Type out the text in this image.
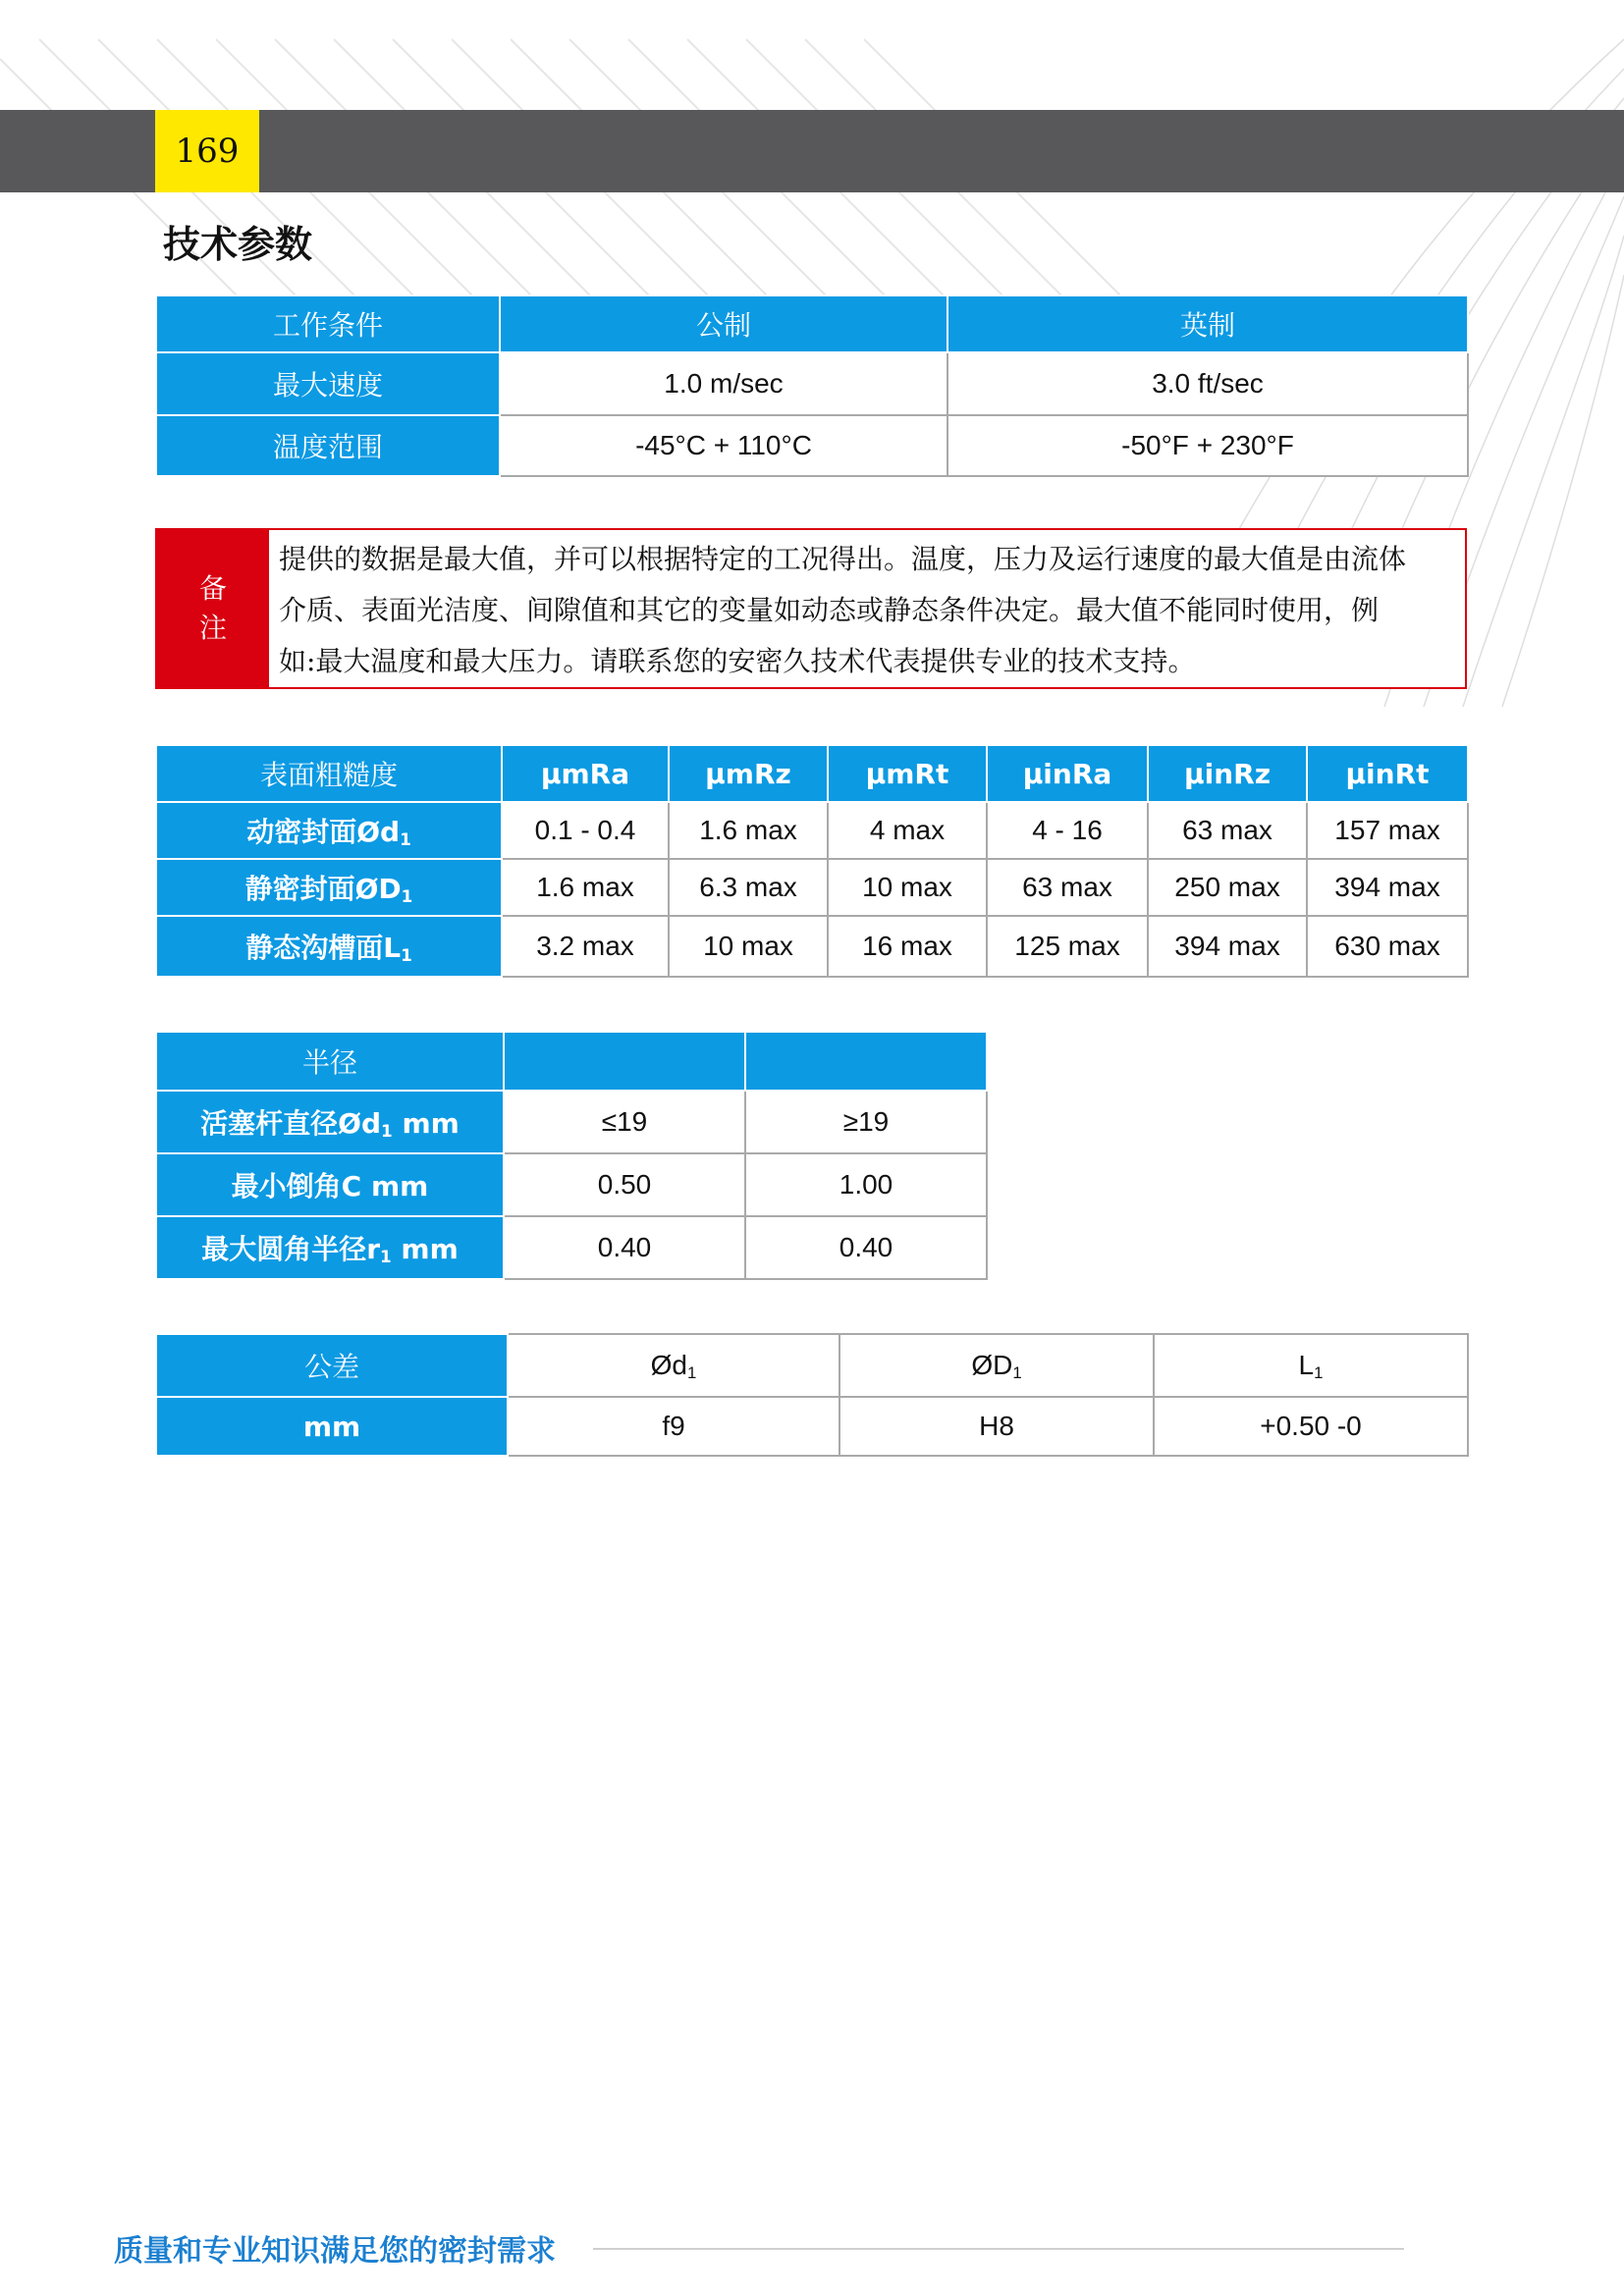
169
技术参数
工作条件	公制	英制
最大速度	1.0 m/sec	3.0 ft/sec
温度范围	-45°C + 110°C	-50°F + 230°F
备
注
提供的数据是最大值，并可以根据特定的工况得出。温度，压力及运行速度的最大值是由流体
介质、表面光洁度、间隙值和其它的变量如动态或静态条件决定。最大值不能同时使用，例
如:最大温度和最大压力。请联系您的安密久技术代表提供专业的技术支持。
表面粗糙度	μmRa	μmRz	μmRt	μinRa	μinRz	μinRt
动密封面$Ød_1$	0.1 - 0.4	1.6 max	4 max	4 - 16	63 max	157 max
静密封面$ØD_1$	1.6 max	6.3 max	10 max	63 max	250 max	394 max
静态沟槽面$L_1$	3.2 max	10 max	16 max	125 max	394 max	630 max
半径		
活塞杆直径$Ød_1$ mm	≤19	≥19
最小倒角C mm	0.50	1.00
最大圆角半径$r_1$ mm	0.40	0.40
公差	$Ød_1$	$ØD_1$	$L_1$
mm	f9	H8	+0.50 -0
质量和专业知识满足您的密封需求
